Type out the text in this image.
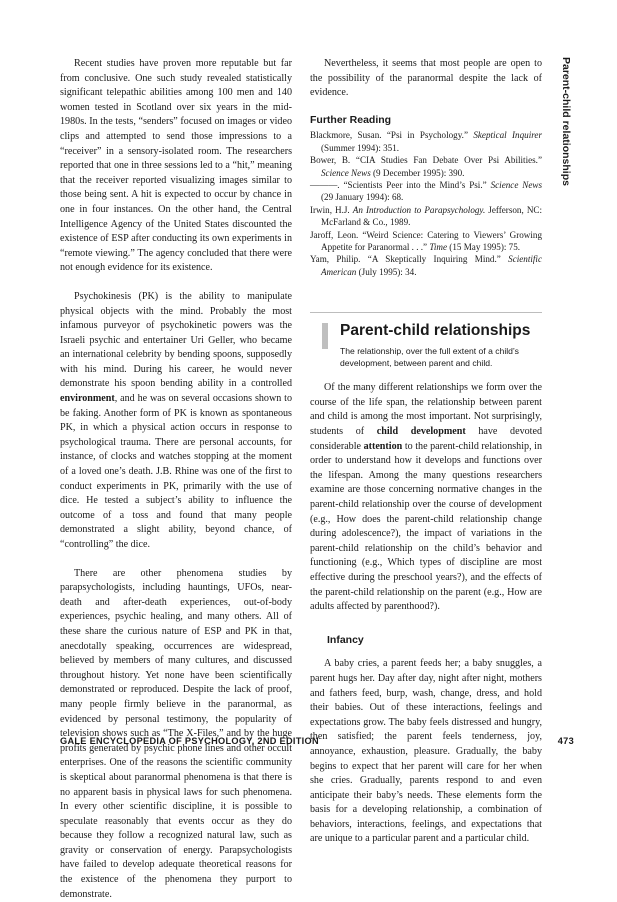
Parent-child relationships

Recent studies have proven more reputable but far from conclusive. One such study revealed statistically significant telepathic abilities among 100 men and 140 women tested in Scotland over six years in the mid-1980s. In the tests, “senders” focused on images or video clips and attempted to send those impressions to a “receiver” in a sensory-isolated room. The researchers reported that one in three sessions led to a “hit,” meaning that the receiver reported visualizing images similar to those being sent. A hit is expected to occur by chance in one in four instances. On the other hand, the Central Intelligence Agency of the United States discounted the existence of ESP after conducting its own experiments in “remote viewing.” The agency concluded that there were not enough evidence for its existence.

Psychokinesis (PK) is the ability to manipulate physical objects with the mind. Probably the most infamous purveyor of psychokinetic powers was the Israeli psychic and entertainer Uri Geller, who became an international celebrity by bending spoons, supposedly with his mind. During his career, he would never demonstrate his spoon bending ability in a controlled environment, and he was on several occasions shown to be faking. Another form of PK is known as spontaneous PK, in which a physical action occurs in response to psychological trauma. There are personal accounts, for instance, of clocks and watches stopping at the moment of a loved one’s death. J.B. Rhine was one of the first to conduct experiments in PK, primarily with the use of dice. He tested a subject’s ability to influence the outcome of a toss and found that many people demonstrated a slight ability, beyond chance, of “controlling” the dice.

There are other phenomena studies by parapsychologists, including hauntings, UFOs, near-death and after-death experiences, out-of-body experiences, psychic healing, and many others. All of these share the curious nature of ESP and PK in that, anecdotally speaking, occurrences are widespread, believed by members of many cultures, and discussed throughout history. Yet none have been scientifically demonstrated or reproduced. Despite the lack of proof, many people firmly believe in the paranormal, as evidenced by personal testimony, the popularity of television shows such as “The X-Files,” and by the huge profits generated by psychic phone lines and other occult enterprises. One of the reasons the scientific community is skeptical about paranormal phenomena is that there is no apparent basis in physical laws for such phenomena. In every other scientific discipline, it is possible to speculate reasonably that events occur as they do because they follow a recognized natural law, such as gravity or conservation of energy. Parapsychologists have failed to develop adequate theoretical reasons for the existence of the phenomena they purport to demonstrate.

Nevertheless, it seems that most people are open to the possibility of the paranormal despite the lack of evidence.

Further Reading

Blackmore, Susan. “Psi in Psychology.” Skeptical Inquirer (Summer 1994): 351.

Bower, B. “CIA Studies Fan Debate Over Psi Abilities.” Science News (9 December 1995): 390.

———. “Scientists Peer into the Mind’s Psi.” Science News (29 January 1994): 68.

Irwin, H.J. An Introduction to Parapsychology. Jefferson, NC: McFarland & Co., 1989.

Jaroff, Leon. “Weird Science: Catering to Viewers’ Growing Appetite for Paranormal . . .” Time (15 May 1995): 75.

Yam, Philip. “A Skeptically Inquiring Mind.” Scientific American (July 1995): 34.

Parent-child relationships

The relationship, over the full extent of a child’s development, between parent and child.

Of the many different relationships we form over the course of the life span, the relationship between parent and child is among the most important. Not surprisingly, students of child development have devoted considerable attention to the parent-child relationship, in order to understand how it develops and functions over the lifespan. Among the many questions researchers examine are those concerning normative changes in the parent-child relationship over the course of development (e.g., How does the parent-child relationship change during adolescence?), the impact of variations in the parent-child relationship on the child’s behavior and functioning (e.g., Which types of discipline are most effective during the preschool years?), and the effects of the parent-child relationship on the parent (e.g., How are adults affected by parenthood?).

Infancy

A baby cries, a parent feeds her; a baby snuggles, a parent hugs her. Day after day, night after night, mothers and fathers feed, burp, wash, change, dress, and hold their babies. Out of these interactions, feelings and expectations grow. The baby feels distressed and hungry, then satisfied; the parent feels tenderness, joy, annoyance, exhaustion, pleasure. Gradually, the baby begins to expect that her parent will care for her when she cries. Gradually, parents respond to and even anticipate their baby’s needs. These elements form the basis for a developing relationship, a combination of behaviors, interactions, feelings, and expectations that are unique to a particular parent and a particular child.

GALE ENCYCLOPEDIA OF PSYCHOLOGY, 2ND EDITION	473
